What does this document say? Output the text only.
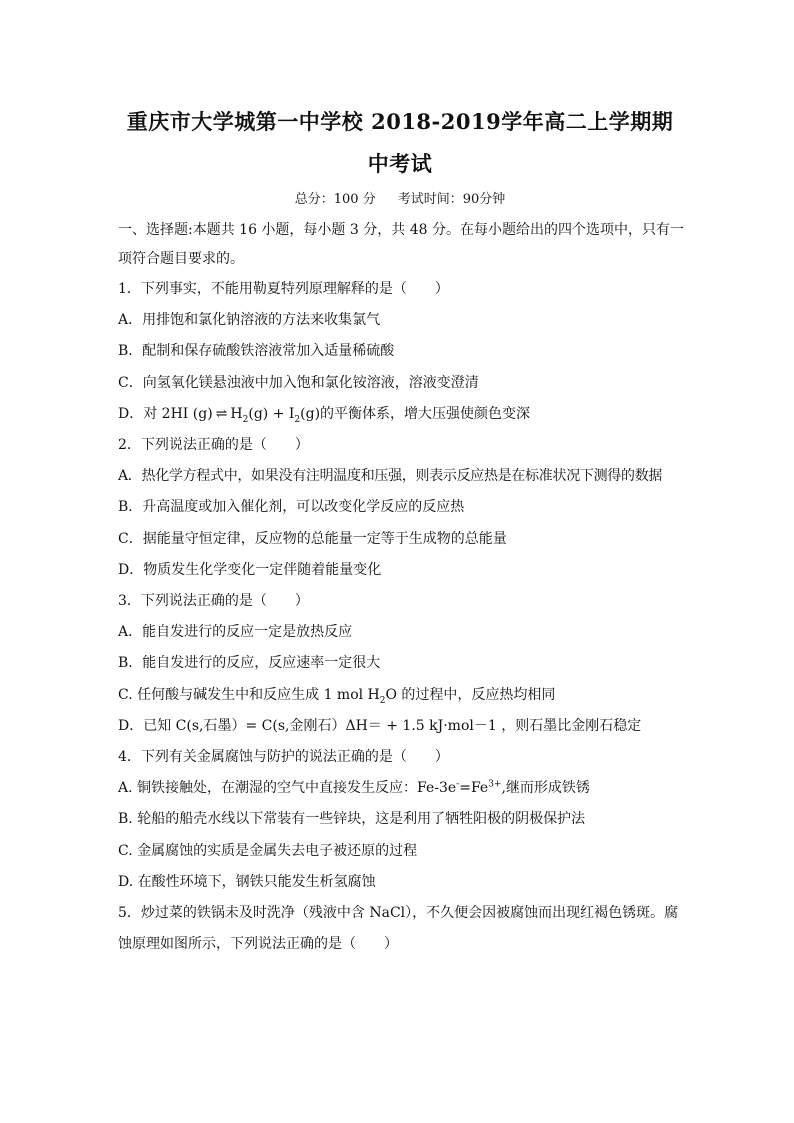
重庆市大学城第一中学校 2018-2019学年高二上学期期中考试
总分：100 分 考试时间：90分钟

一、选择题:本题共 16 小题，每小题 3 分，共 48 分。在每小题给出的四个选项中，只有一

项符合题目要求的。

1．下列事实，不能用勒夏特列原理解释的是（　　）

A．用排饱和氯化钠溶液的方法来收集氯气

B．配制和保存硫酸铁溶液常加入适量稀硫酸

C．向氢氧化镁悬浊液中加入饱和氯化铵溶液，溶液变澄清

D．对 2HI (g) ⇌ $H_2(g) + I_2(g)$的平衡体系，增大压强使颜色变深

2．下列说法正确的是（　　）

A．热化学方程式中，如果没有注明温度和压强，则表示反应热是在标准状况下测得的数据

B．升高温度或加入催化剂，可以改变化学反应的反应热

C．据能量守恒定律，反应物的总能量一定等于生成物的总能量

D．物质发生化学变化一定伴随着能量变化

3．下列说法正确的是（　　）

A．能自发进行的反应一定是放热反应

B．能自发进行的反应，反应速率一定很大

C. 任何酸与碱发生中和反应生成 1 mol $H_2O$ 的过程中，反应热均相同

D．已知 C(s,石墨）= C(s,金刚石）ΔH＝ + 1.5 kJ·mol－1 ，则石墨比金刚石稳定

4．下列有关金属腐蚀与防护的说法正确的是（　　）

A. 铜铁接触处，在潮湿的空气中直接发生反应：$Fe-3e^-=Fe^{3+}$,继而形成铁锈

B. 轮船的船壳水线以下常装有一些锌块，这是利用了牺牲阳极的阴极保护法

C. 金属腐蚀的实质是金属失去电子被还原的过程

D. 在酸性环境下，钢铁只能发生析氢腐蚀

5．炒过菜的铁锅未及时洗净（残液中含 NaCl），不久便会因被腐蚀而出现红褐色锈斑。腐

蚀原理如图所示，下列说法正确的是（　　）
